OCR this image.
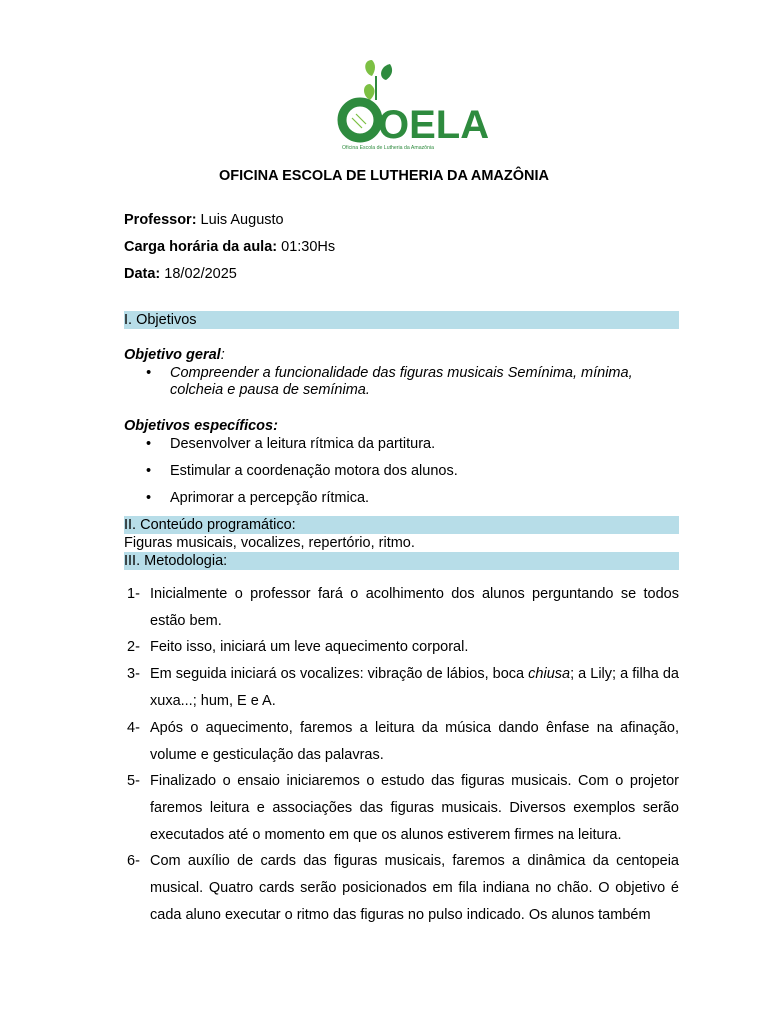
OELA
Oficina Escola de Lutheria da Amazônia
OFICINA ESCOLA DE LUTHERIA DA AMAZÔNIA
Professor: Luis Augusto
Carga horária da aula: 01:30Hs
Data: 18/02/2025
I. Objetivos
Objetivo geral:
• Compreender a funcionalidade das figuras musicais Semínima, mínima,
colcheia e pausa de semínima.
Objetivos específicos:
• Desenvolver a leitura rítmica da partitura.
• Estimular a coordenação motora dos alunos.
• Aprimorar a percepção rítmica.
II. Conteúdo programático:
Figuras musicais, vocalizes, repertório, ritmo.
III. Metodologia:
1- Inicialmente o professor fará o acolhimento dos alunos perguntando se todos estão bem.
2- Feito isso, iniciará um leve aquecimento corporal.
3- Em seguida iniciará os vocalizes: vibração de lábios, boca chiusa; a Lily; a filha da xuxa...; hum, E e A.
4- Após o aquecimento, faremos a leitura da música dando ênfase na afinação, volume e gesticulação das palavras.
5- Finalizado o ensaio iniciaremos o estudo das figuras musicais. Com o projetor faremos leitura e associações das figuras musicais. Diversos exemplos serão executados até o momento em que os alunos estiverem firmes na leitura.
6- Com auxílio de cards das figuras musicais, faremos a dinâmica da centopeia musical. Quatro cards serão posicionados em fila indiana no chão. O objetivo é cada aluno executar o ritmo das figuras no pulso indicado. Os alunos também
